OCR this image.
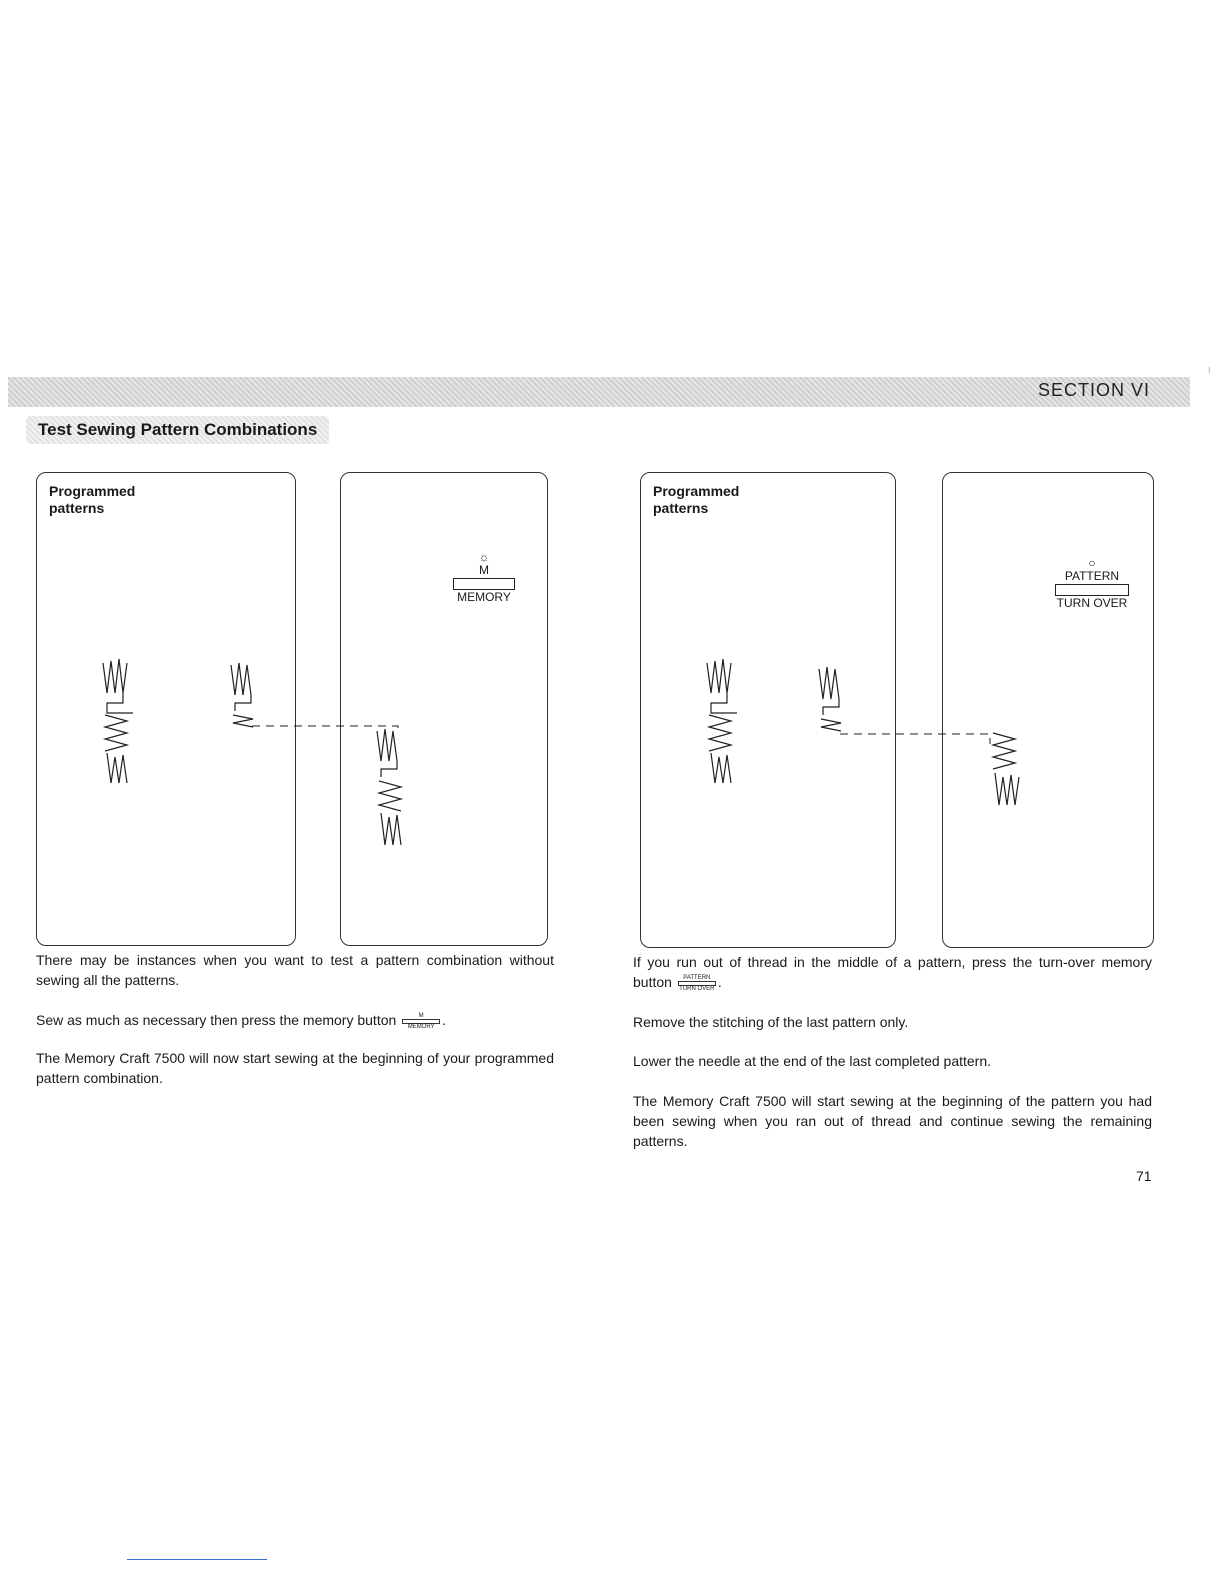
SECTION VI
⁝
Test Sewing Pattern Combinations
Programmed
patterns
☼
M
MEMORY
Programmed
patterns
○
PATTERN
TURN OVER
There may be instances when you want to test a pattern combination without sewing all the patterns.
Sew as much as necessary then press the memory button	M
MEMORY .
The Memory Craft 7500 will now start sewing at the beginning of your programmed pattern combination.
If you run out of thread in the middle of a pattern, press the turn-over memory button	PATTERN
TURN OVER .
Remove the stitching of the last pattern only.
Lower the needle at the end of the last completed pattern.
The Memory Craft 7500 will start sewing at the beginning of the pattern you had been sewing when you ran out of thread and continue sewing the remaining patterns.
71
